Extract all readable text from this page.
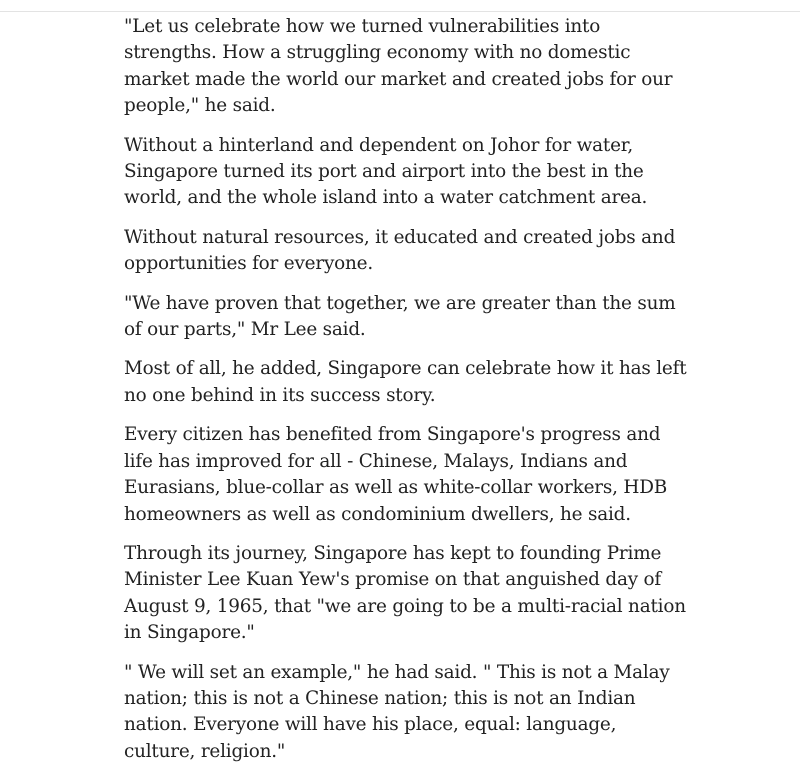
"Let us celebrate how we turned vulnerabilities into strengths. How a struggling economy with no domestic market made the world our market and created jobs for our people," he said.

Without a hinterland and dependent on Johor for water, Singapore turned its port and airport into the best in the world, and the whole island into a water catchment area.

Without natural resources, it educated and created jobs and opportunities for everyone.

"We have proven that together, we are greater than the sum of our parts," Mr Lee said.

Most of all, he added, Singapore can celebrate how it has left no one behind in its success story.

Every citizen has benefited from Singapore's progress and life has improved for all - Chinese, Malays, Indians and Eurasians, blue-collar as well as white-collar workers, HDB homeowners as well as condominium dwellers, he said.

Through its journey, Singapore has kept to founding Prime Minister Lee Kuan Yew's promise on that anguished day of August 9, 1965, that "we are going to be a multi-racial nation in Singapore."

" We will set an example," he had said. " This is not a Malay nation; this is not a Chinese nation; this is not an Indian nation. Everyone will have his place, equal: language, culture, religion."
